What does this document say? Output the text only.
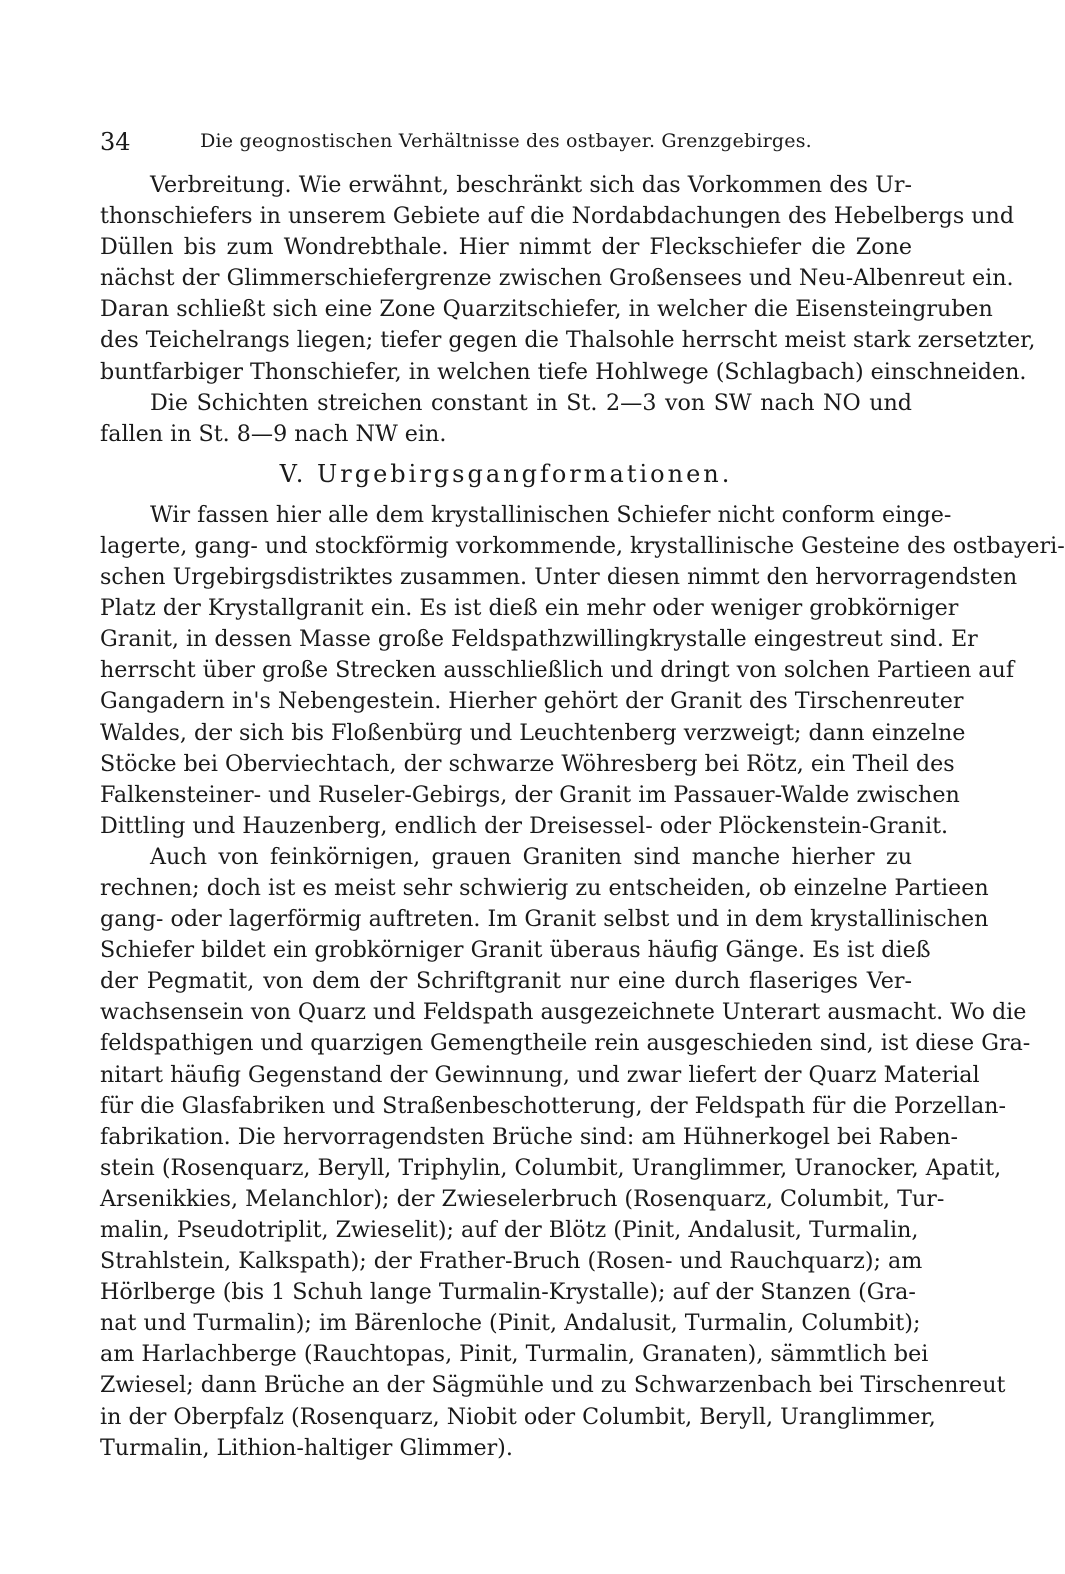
34	Die geognostischen Verhältnisse des ostbayer. Grenzgebirges.
Verbreitung. Wie erwähnt, beschränkt sich das Vorkommen des Ur-
thonschiefers in unserem Gebiete auf die Nordabdachungen des Hebelbergs und
Düllen bis zum Wondrebthale. Hier nimmt der Fleckschiefer die Zone
nächst der Glimmerschiefergrenze zwischen Großensees und Neu-Albenreut ein.
Daran schließt sich eine Zone Quarzitschiefer, in welcher die Eisensteingruben
des Teichelrangs liegen; tiefer gegen die Thalsohle herrscht meist stark zersetzter,
buntfarbiger Thonschiefer, in welchen tiefe Hohlwege (Schlagbach) einschneiden.
Die Schichten streichen constant in St. 2—3 von SW nach NO und
fallen in St. 8—9 nach NW ein.
V. Urgebirgsgangformationen.
Wir fassen hier alle dem krystallinischen Schiefer nicht conform einge-
lagerte, gang- und stockförmig vorkommende, krystallinische Gesteine des ostbayeri-
schen Urgebirgsdistriktes zusammen. Unter diesen nimmt den hervorragendsten
Platz der Krystallgranit ein. Es ist dieß ein mehr oder weniger grobkörniger
Granit, in dessen Masse große Feldspathzwillingkrystalle eingestreut sind. Er
herrscht über große Strecken ausschließlich und dringt von solchen Partieen auf
Gangadern in's Nebengestein. Hierher gehört der Granit des Tirschenreuter
Waldes, der sich bis Floßenbürg und Leuchtenberg verzweigt; dann einzelne
Stöcke bei Oberviechtach, der schwarze Wöhresberg bei Rötz, ein Theil des
Falkensteiner- und Ruseler-Gebirgs, der Granit im Passauer-Walde zwischen
Dittling und Hauzenberg, endlich der Dreisessel- oder Plöckenstein-Granit.
Auch von feinkörnigen, grauen Graniten sind manche hierher zu
rechnen; doch ist es meist sehr schwierig zu entscheiden, ob einzelne Partieen
gang- oder lagerförmig auftreten. Im Granit selbst und in dem krystallinischen
Schiefer bildet ein grobkörniger Granit überaus häufig Gänge. Es ist dieß
der Pegmatit, von dem der Schriftgranit nur eine durch flaseriges Ver-
wachsensein von Quarz und Feldspath ausgezeichnete Unterart ausmacht. Wo die
feldspathigen und quarzigen Gemengtheile rein ausgeschieden sind, ist diese Gra-
nitart häufig Gegenstand der Gewinnung, und zwar liefert der Quarz Material
für die Glasfabriken und Straßenbeschotterung, der Feldspath für die Porzellan-
fabrikation. Die hervorragendsten Brüche sind: am Hühnerkogel bei Raben-
stein (Rosenquarz, Beryll, Triphylin, Columbit, Uranglimmer, Uranocker, Apatit,
Arsenikkies, Melanchlor); der Zwieselerbruch (Rosenquarz, Columbit, Tur-
malin, Pseudotriplit, Zwieselit); auf der Blötz (Pinit, Andalusit, Turmalin,
Strahlstein, Kalkspath); der Frather-Bruch (Rosen- und Rauchquarz); am
Hörlberge (bis 1 Schuh lange Turmalin-Krystalle); auf der Stanzen (Gra-
nat und Turmalin); im Bärenloche (Pinit, Andalusit, Turmalin, Columbit);
am Harlachberge (Rauchtopas, Pinit, Turmalin, Granaten), sämmtlich bei
Zwiesel; dann Brüche an der Sägmühle und zu Schwarzenbach bei Tirschenreut
in der Oberpfalz (Rosenquarz, Niobit oder Columbit, Beryll, Uranglimmer,
Turmalin, Lithion-haltiger Glimmer).
